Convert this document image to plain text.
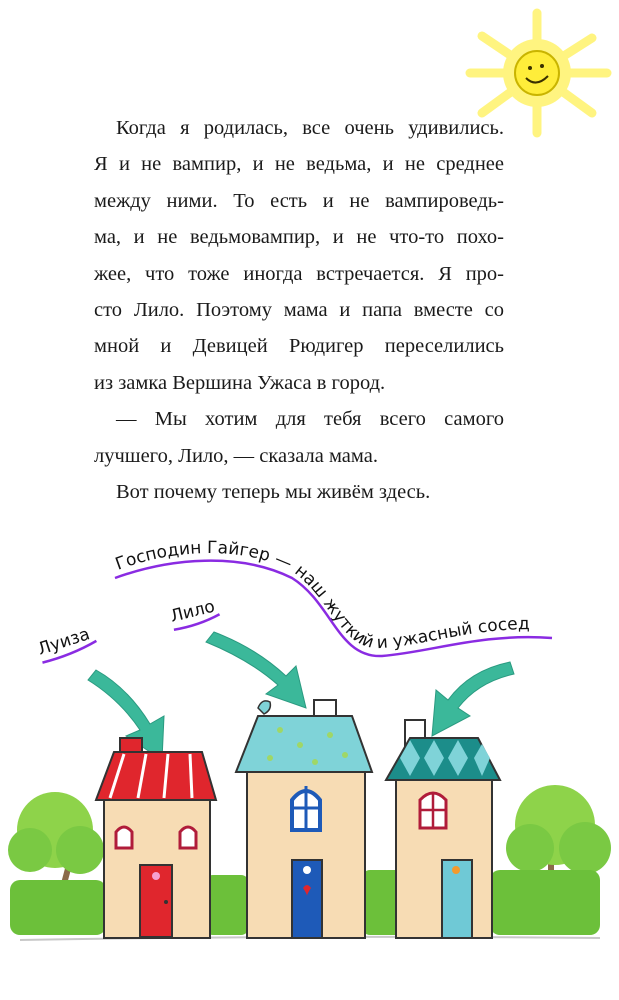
Когда я родилась, все очень удивились.
Я и не вампир, и не ведьма, и не среднее
между ними. То есть и не вампироведь-
ма, и не ведьмовампир, и не что-то похо-
жее, что тоже иногда встречается. Я про-
сто Лило. Поэтому мама и папа вместе со
мной и Девицей Рюдигер переселились
из замка Вершина Ужаса в город.

— Мы хотим для тебя всего самого
лучшего, Лило, — сказала мама.

Вот почему теперь мы живём здесь.

Луиза
Лило
Господин Гайгер — наш жуткий и ужасный сосед
